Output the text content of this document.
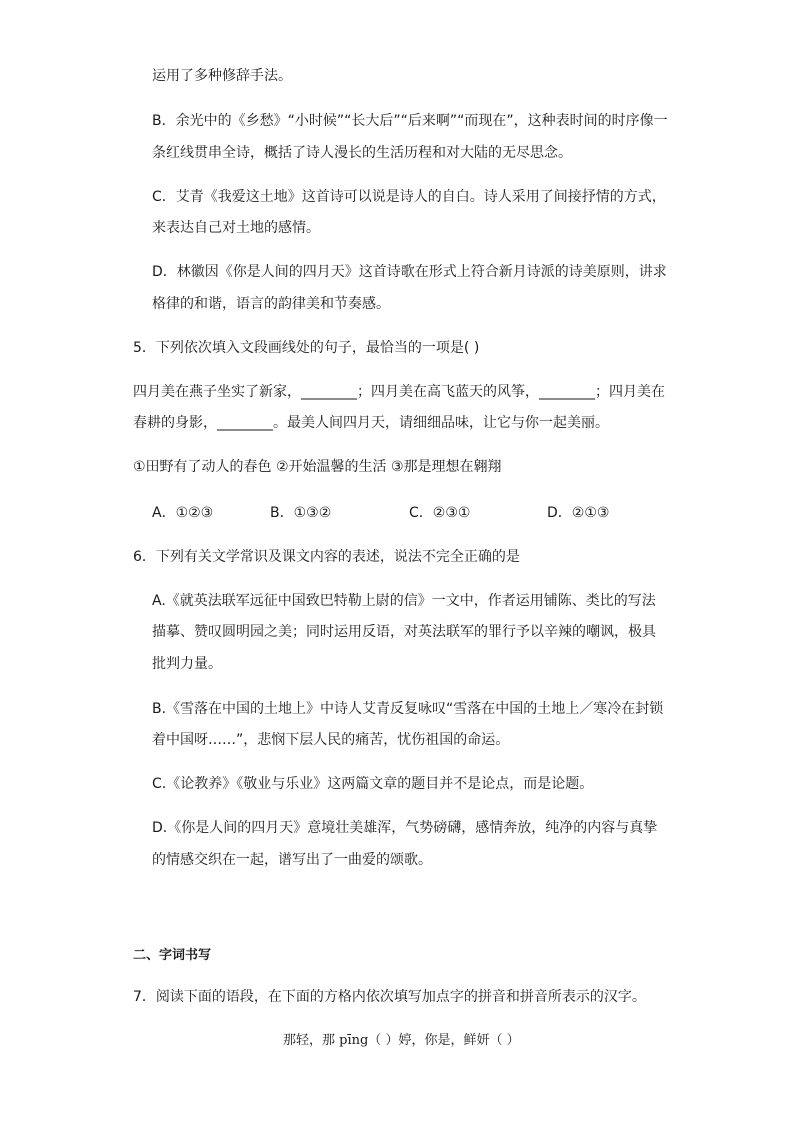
运用了多种修辞手法。
B．余光中的《乡愁》“小时候”“长大后”“后来啊”“而现在”，这种表时间的时序像一
条红线贯串全诗，概括了诗人漫长的生活历程和对大陆的无尽思念。
C．艾青《我爱这土地》这首诗可以说是诗人的自白。诗人采用了间接抒情的方式，
来表达自己对土地的感情。
D．林徽因《你是人间的四月天》这首诗歌在形式上符合新月诗派的诗美原则，讲求
格律的和谐，语言的韵律美和节奏感。
5．下列依次填入文段画线处的句子，最恰当的一项是( )
四月美在燕子坐实了新家，________；四月美在高飞蓝天的风筝，________；四月美在
春耕的身影，________。最美人间四月天，请细细品味，让它与你一起美丽。
①田野有了动人的春色 ②开始温馨的生活 ③那是理想在翱翔
A．①②③	B．①③②	C．②③①	D．②①③
6．下列有关文学常识及课文内容的表述，说法不完全正确的是
A.《就英法联军远征中国致巴特勒上尉的信》一文中，作者运用铺陈、类比的写法
描摹、赞叹圆明园之美；同时运用反语，对英法联军的罪行予以辛辣的嘲讽，极具
批判力量。
B.《雪落在中国的土地上》中诗人艾青反复咏叹“雪落在中国的土地上／寒冷在封锁
着中国呀……”，悲悯下层人民的痛苦，忧伤祖国的命运。
C.《论教养》《敬业与乐业》这两篇文章的题目并不是论点，而是论题。
D.《你是人间的四月天》意境壮美雄浑，气势磅礴，感情奔放，纯净的内容与真挚
的情感交织在一起，谱写出了一曲爱的颂歌。
二、字词书写
7．阅读下面的语段，在下面的方格内依次填写加点字的拼音和拼音所表示的汉字。
那轻，那 pīng（ ）婷，你是，鲜妍（ ）
